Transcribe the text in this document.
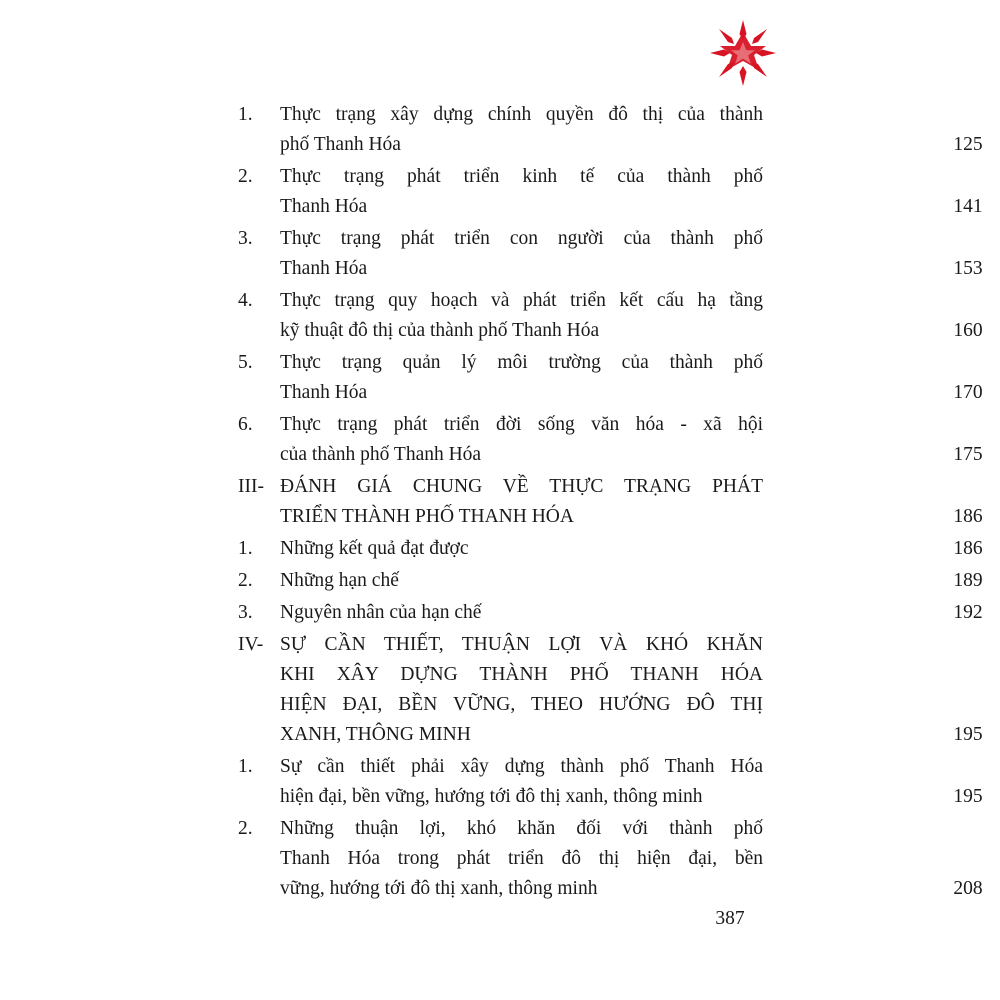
1.	Thực trạng xây dựng chính quyền đô thị của thành
phố Thanh Hóa	125
2.	Thực trạng phát triển kinh tế của thành phố
Thanh Hóa	141
3.	Thực trạng phát triển con người của thành phố
Thanh Hóa	153
4.	Thực trạng quy hoạch và phát triển kết cấu hạ tầng
kỹ thuật đô thị của thành phố Thanh Hóa	160
5.	Thực trạng quản lý môi trường của thành phố
Thanh Hóa	170
6.	Thực trạng phát triển đời sống văn hóa - xã hội
của thành phố Thanh Hóa	175
III- ĐÁNH GIÁ CHUNG VỀ THỰC TRẠNG PHÁT
TRIỂN THÀNH PHỐ THANH HÓA	186
1.	Những kết quả đạt được	186
2.	Những hạn chế	189
3.	Nguyên nhân của hạn chế	192
IV- SỰ CẦN THIẾT, THUẬN LỢI VÀ KHÓ KHĂN
KHI XÂY DỰNG THÀNH PHỐ THANH HÓA
HIỆN ĐẠI, BỀN VỮNG, THEO HƯỚNG ĐÔ THỊ
XANH, THÔNG MINH	195
1.	Sự cần thiết phải xây dựng thành phố Thanh Hóa
hiện đại, bền vững, hướng tới đô thị xanh, thông minh	195
2.	Những thuận lợi, khó khăn đối với thành phố
Thanh Hóa trong phát triển đô thị hiện đại, bền
vững, hướng tới đô thị xanh, thông minh	208
387
